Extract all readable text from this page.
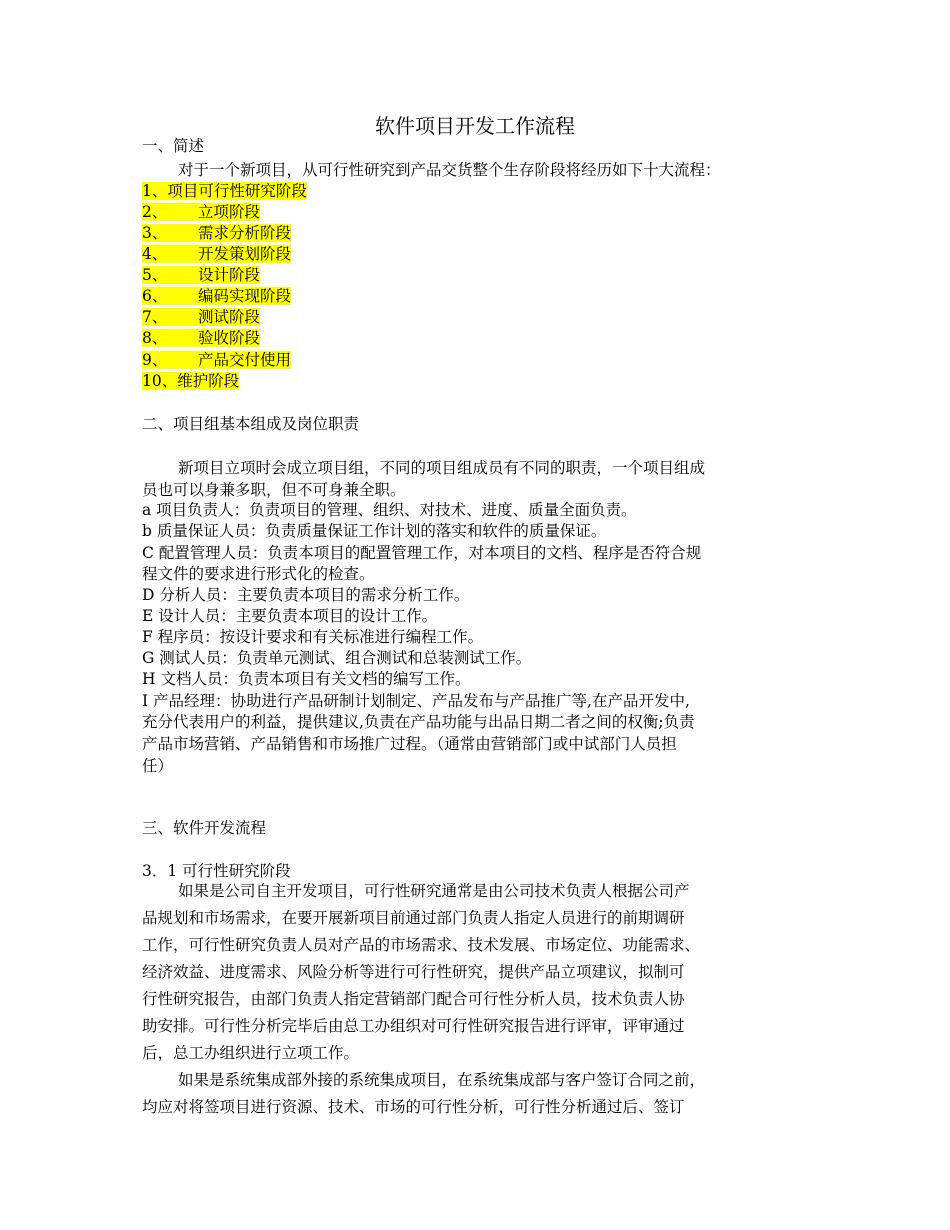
软件项目开发工作流程
一、简述
对于一个新项目，从可行性研究到产品交货整个生存阶段将经历如下十大流程：
1、项目可行性研究阶段
2、 立项阶段
3、 需求分析阶段
4、 开发策划阶段
5、 设计阶段
6、 编码实现阶段
7、 测试阶段
8、 验收阶段
9、 产品交付使用
10、维护阶段
二、项目组基本组成及岗位职责
新项目立项时会成立项目组，不同的项目组成员有不同的职责，一个项目组成
员也可以身兼多职，但不可身兼全职。
a 项目负责人：负责项目的管理、组织、对技术、进度、质量全面负责。
b 质量保证人员：负责质量保证工作计划的落实和软件的质量保证。
C 配置管理人员：负责本项目的配置管理工作，对本项目的文档、程序是否符合规
程文件的要求进行形式化的检查。
D 分析人员：主要负责本项目的需求分析工作。
E 设计人员：主要负责本项目的设计工作。
F 程序员：按设计要求和有关标准进行编程工作。
G 测试人员：负责单元测试、组合测试和总装测试工作。
H 文档人员：负责本项目有关文档的编写工作。
I 产品经理：协助进行产品研制计划制定、产品发布与产品推广等,在产品开发中,
充分代表用户的利益，提供建议,负责在产品功能与出品日期二者之间的权衡;负责
产品市场营销、产品销售和市场推广过程。（通常由营销部门或中试部门人员担
任）
三、软件开发流程
3．1 可行性研究阶段
如果是公司自主开发项目，可行性研究通常是由公司技术负责人根据公司产
品规划和市场需求，在要开展新项目前通过部门负责人指定人员进行的前期调研
工作，可行性研究负责人员对产品的市场需求、技术发展、市场定位、功能需求、
经济效益、进度需求、风险分析等进行可行性研究，提供产品立项建议，拟制可
行性研究报告，由部门负责人指定营销部门配合可行性分析人员，技术负责人协
助安排。可行性分析完毕后由总工办组织对可行性研究报告进行评审，评审通过
后，总工办组织进行立项工作。
如果是系统集成部外接的系统集成项目，在系统集成部与客户签订合同之前，
均应对将签项目进行资源、技术、市场的可行性分析，可行性分析通过后、签订
